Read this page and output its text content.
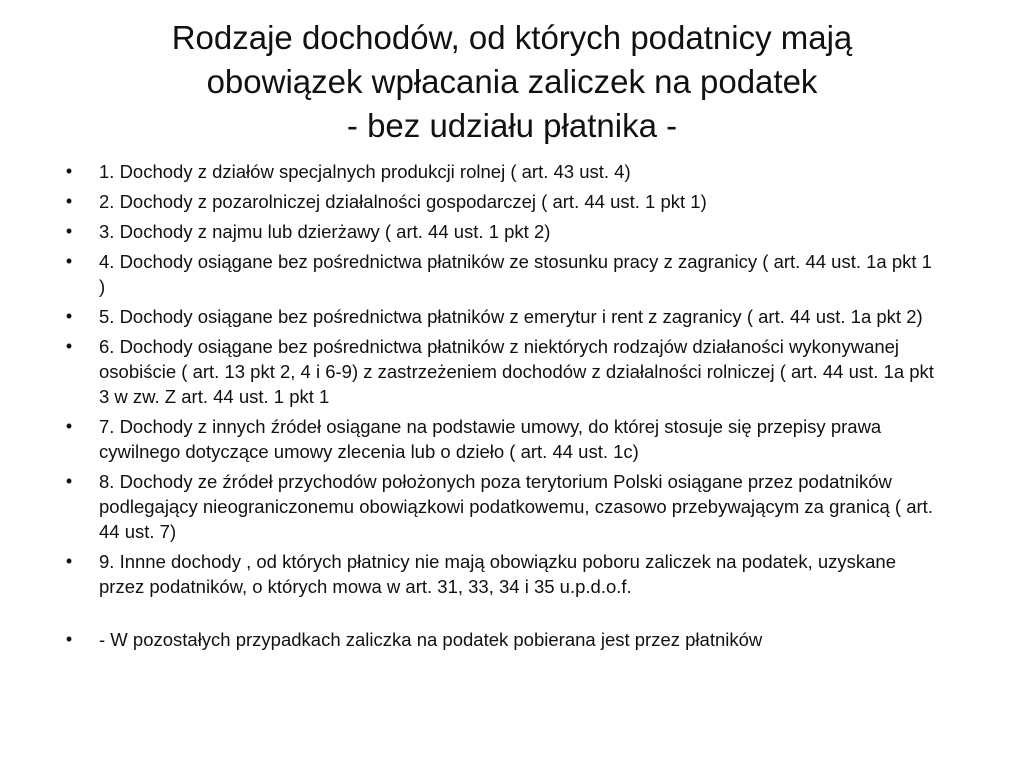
Rodzaje dochodów, od których podatnicy mają
obowiązek wpłacania zaliczek na podatek
- bez udziału płatnika -
• 1. Dochody z działów specjalnych produkcji rolnej ( art. 43 ust. 4)
• 2. Dochody z pozarolniczej działalności gospodarczej ( art. 44 ust. 1 pkt 1)
• 3. Dochody z najmu lub dzierżawy ( art. 44 ust. 1 pkt 2)
• 4. Dochody osiągane bez pośrednictwa płatników ze stosunku pracy z zagranicy ( art. 44 ust. 1a pkt 1 )
• 5. Dochody osiągane bez pośrednictwa płatników z emerytur i rent z zagranicy ( art. 44 ust. 1a pkt 2)
• 6. Dochody osiągane bez pośrednictwa płatników z niektórych rodzajów działaności wykonywanej osobiście ( art. 13 pkt 2, 4 i 6-9) z zastrzeżeniem dochodów z działalności rolniczej ( art. 44 ust. 1a pkt 3 w zw. Z art. 44 ust. 1 pkt 1
• 7. Dochody z innych źródeł osiągane na podstawie umowy, do której stosuje się przepisy prawa cywilnego dotyczące umowy zlecenia lub o dzieło ( art. 44 ust. 1c)
• 8. Dochody ze źródeł przychodów położonych poza terytorium Polski osiągane przez podatników podlegający nieograniczonemu obowiązkowi podatkowemu, czasowo przebywającym za granicą ( art. 44 ust. 7)
• 9. Innne dochody , od których płatnicy nie mają obowiązku poboru zaliczek na podatek, uzyskane przez podatników, o których mowa w art. 31, 33, 34 i 35 u.p.d.o.f.
• - W pozostałych przypadkach zaliczka na podatek pobierana jest przez płatników
